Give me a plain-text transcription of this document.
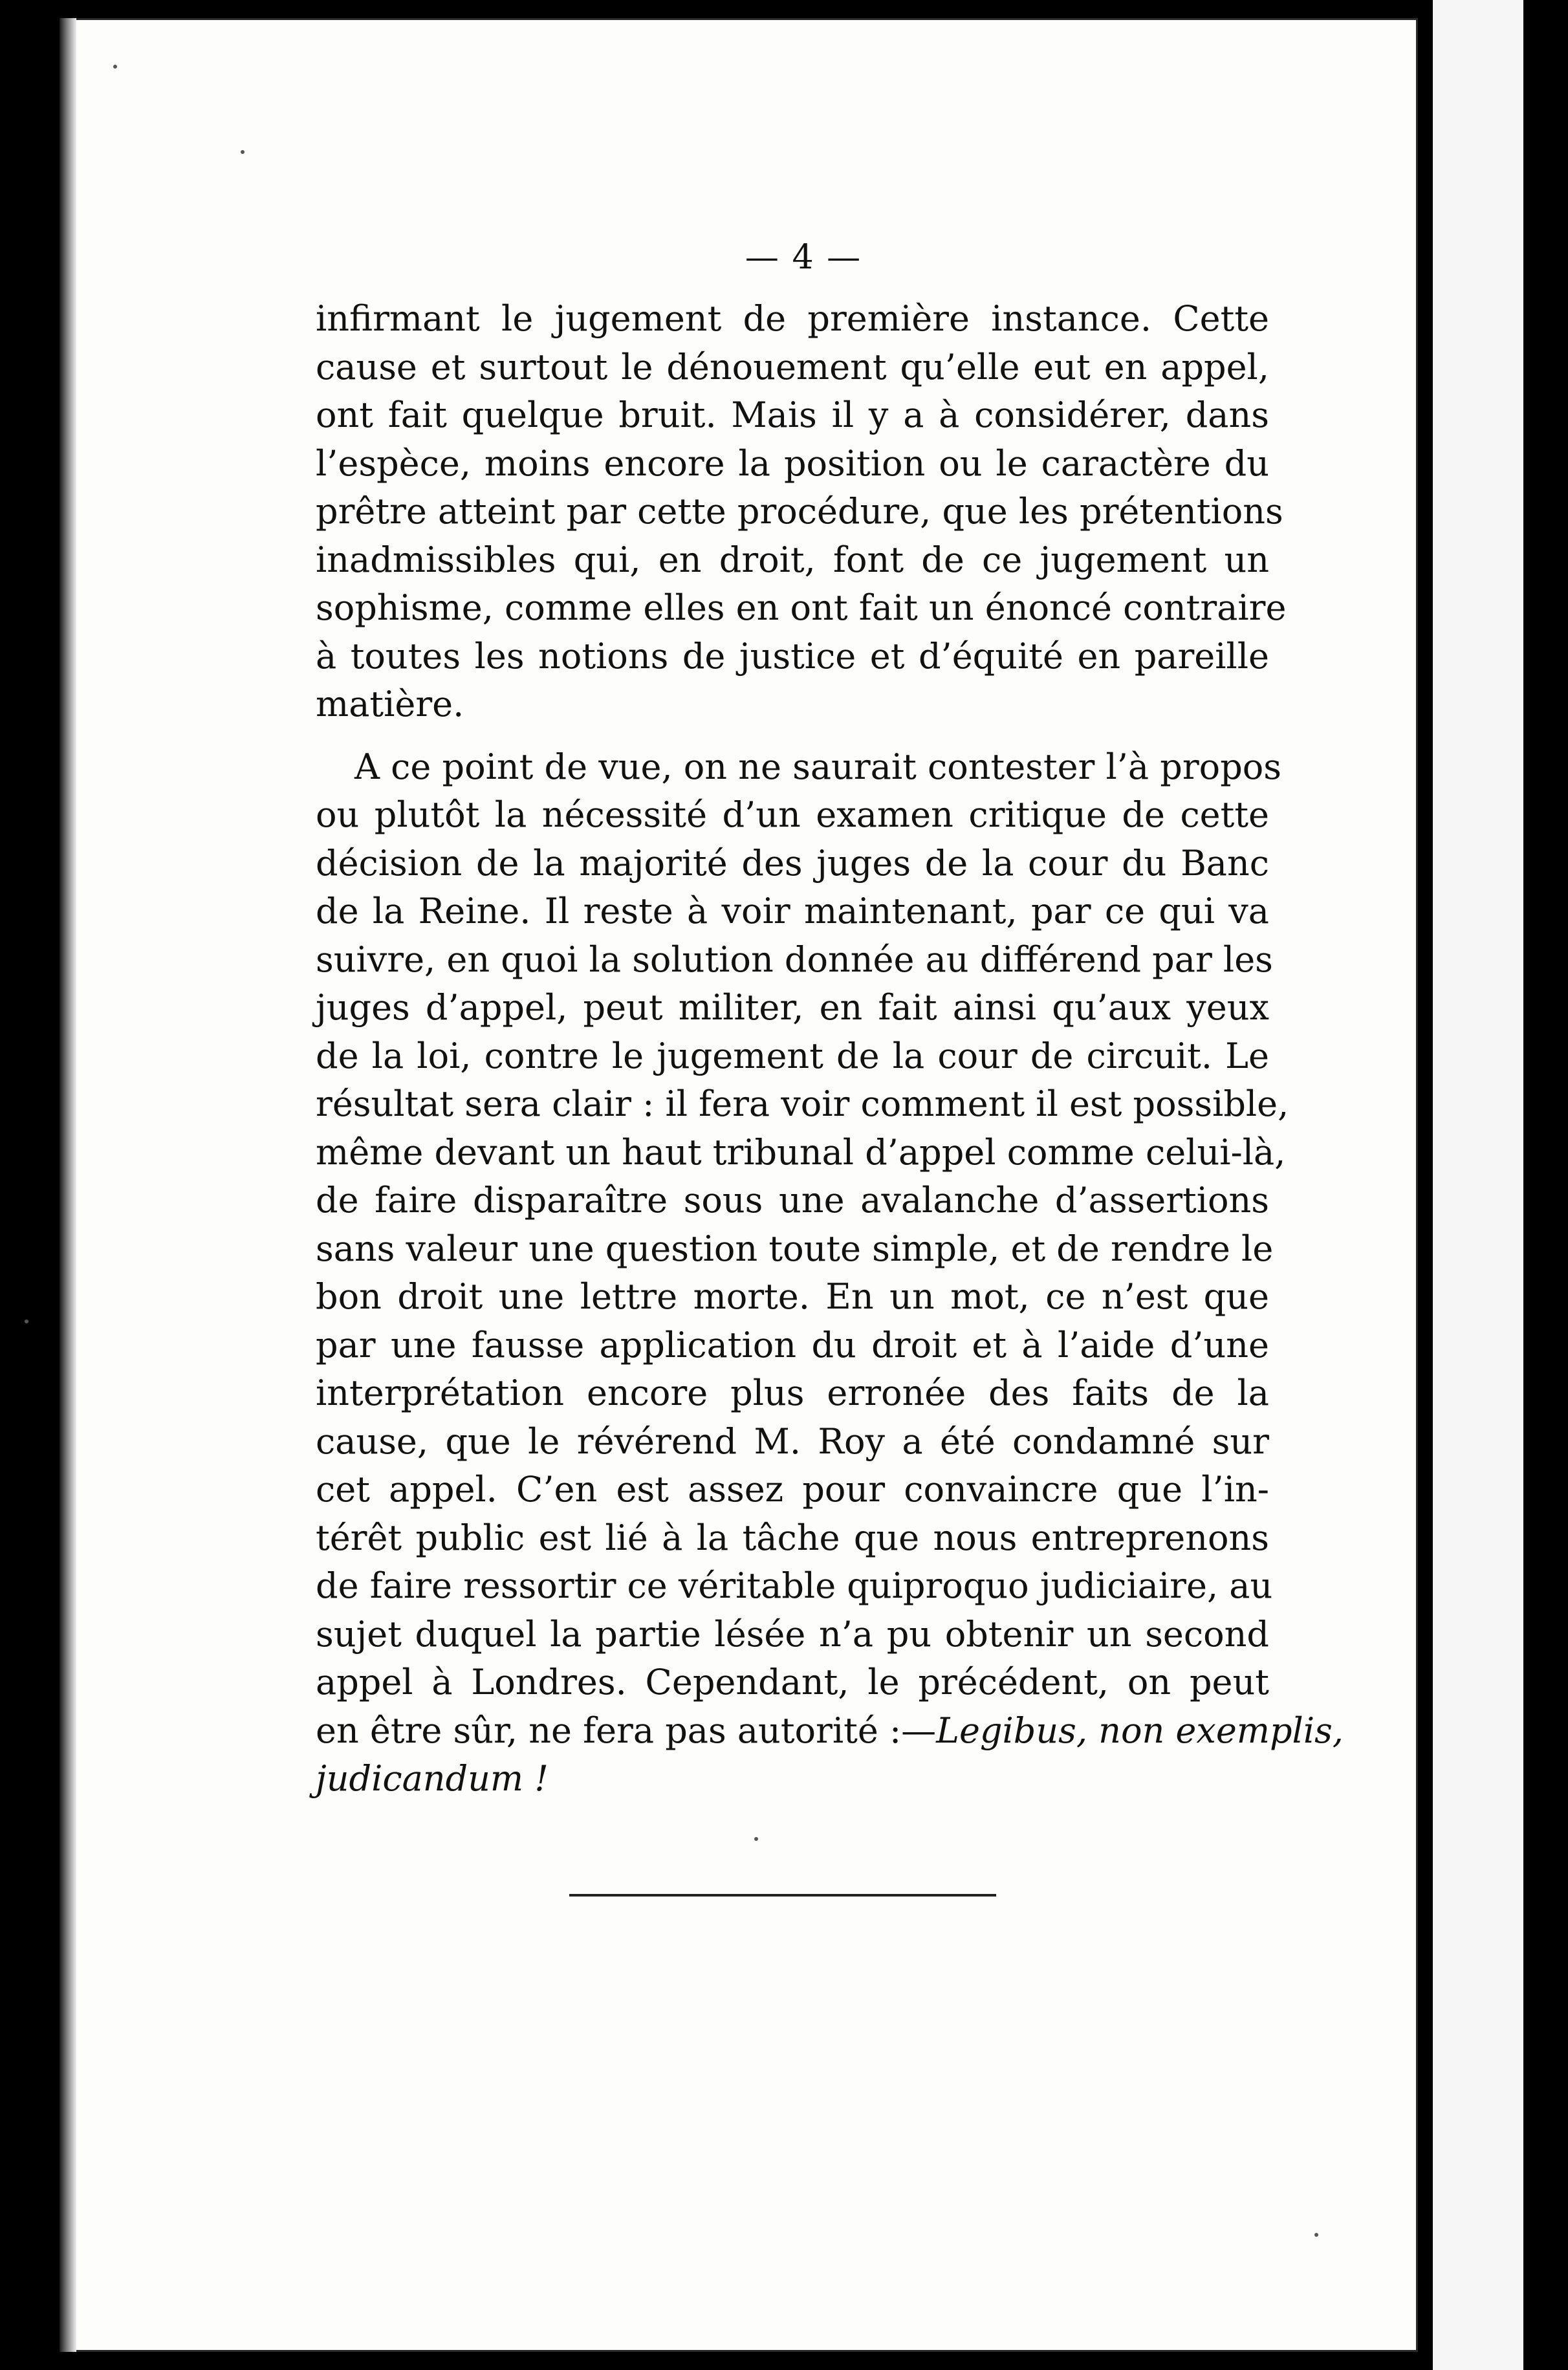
— 4 —
infirmant le jugement de première instance. Cette
cause et surtout le dénouement qu’elle eut en appel,
ont fait quelque bruit. Mais il y a à considérer, dans
l’espèce, moins encore la position ou le caractère du
prêtre atteint par cette procédure, que les prétentions
inadmissibles qui, en droit, font de ce jugement un
sophisme, comme elles en ont fait un énoncé contraire
à toutes les notions de justice et d’équité en pareille
matière.
A ce point de vue, on ne saurait contester l’à propos
ou plutôt la nécessité d’un examen critique de cette
décision de la majorité des juges de la cour du Banc
de la Reine. Il reste à voir maintenant, par ce qui va
suivre, en quoi la solution donnée au différend par les
juges d’appel, peut militer, en fait ainsi qu’aux yeux
de la loi, contre le jugement de la cour de circuit. Le
résultat sera clair : il fera voir comment il est possible,
même devant un haut tribunal d’appel comme celui-là,
de faire disparaître sous une avalanche d’assertions
sans valeur une question toute simple, et de rendre le
bon droit une lettre morte. En un mot, ce n’est que
par une fausse application du droit et à l’aide d’une
interprétation encore plus erronée des faits de la
cause, que le révérend M. Roy a été condamné sur
cet appel. C’en est assez pour convaincre que l’in-
térêt public est lié à la tâche que nous entreprenons
de faire ressortir ce véritable quiproquo judiciaire, au
sujet duquel la partie lésée n’a pu obtenir un second
appel à Londres. Cependant, le précédent, on peut
en être sûr, ne fera pas autorité :—Legibus, non exemplis,
judicandum !
